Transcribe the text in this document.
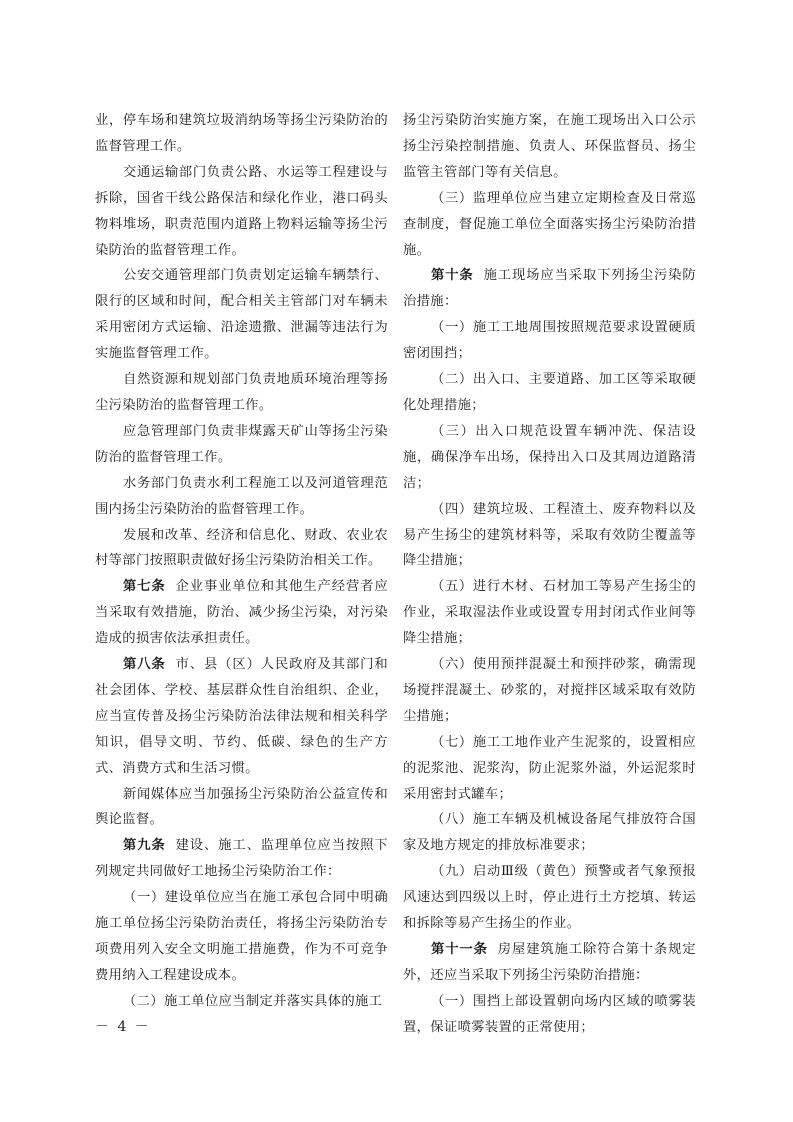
业，停车场和建筑垃圾消纳场等扬尘污染防治的监督管理工作。

交通运输部门负责公路、水运等工程建设与拆除，国省干线公路保洁和绿化作业，港口码头物料堆场，职责范围内道路上物料运输等扬尘污染防治的监督管理工作。

公安交通管理部门负责划定运输车辆禁行、限行的区域和时间，配合相关主管部门对车辆未采用密闭方式运输、沿途遗撒、泄漏等违法行为实施监督管理工作。

自然资源和规划部门负责地质环境治理等扬尘污染防治的监督管理工作。

应急管理部门负责非煤露天矿山等扬尘污染防治的监督管理工作。

水务部门负责水利工程施工以及河道管理范围内扬尘污染防治的监督管理工作。

发展和改革、经济和信息化、财政、农业农村等部门按照职责做好扬尘污染防治相关工作。

第七条 企业事业单位和其他生产经营者应当采取有效措施，防治、减少扬尘污染，对污染造成的损害依法承担责任。

第八条 市、县（区）人民政府及其部门和社会团体、学校、基层群众性自治组织、企业，应当宣传普及扬尘污染防治法律法规和相关科学知识，倡导文明、节约、低碳、绿色的生产方式、消费方式和生活习惯。

新闻媒体应当加强扬尘污染防治公益宣传和舆论监督。

第九条 建设、施工、监理单位应当按照下列规定共同做好工地扬尘污染防治工作：

（一）建设单位应当在施工承包合同中明确施工单位扬尘污染防治责任，将扬尘污染防治专项费用列入安全文明施工措施费，作为不可竞争费用纳入工程建设成本。

（二）施工单位应当制定并落实具体的施工

扬尘污染防治实施方案，在施工现场出入口公示扬尘污染控制措施、负责人、环保监督员、扬尘监管主管部门等有关信息。

（三）监理单位应当建立定期检查及日常巡查制度，督促施工单位全面落实扬尘污染防治措施。

第十条 施工现场应当采取下列扬尘污染防治措施：

（一）施工工地周围按照规范要求设置硬质密闭围挡；

（二）出入口、主要道路、加工区等采取硬化处理措施；

（三）出入口规范设置车辆冲洗、保洁设施，确保净车出场，保持出入口及其周边道路清洁；

（四）建筑垃圾、工程渣土、废弃物料以及易产生扬尘的建筑材料等，采取有效防尘覆盖等降尘措施；

（五）进行木材、石材加工等易产生扬尘的作业，采取湿法作业或设置专用封闭式作业间等降尘措施；

（六）使用预拌混凝土和预拌砂浆，确需现场搅拌混凝土、砂浆的，对搅拌区域采取有效防尘措施；

（七）施工工地作业产生泥浆的，设置相应的泥浆池、泥浆沟，防止泥浆外溢，外运泥浆时采用密封式罐车；

（八）施工车辆及机械设备尾气排放符合国家及地方规定的排放标准要求；

（九）启动Ⅲ级（黄色）预警或者气象预报风速达到四级以上时，停止进行土方挖填、转运和拆除等易产生扬尘的作业。

第十一条 房屋建筑施工除符合第十条规定外，还应当采取下列扬尘污染防治措施：

（一）围挡上部设置朝向场内区域的喷雾装置，保证喷雾装置的正常使用；

－ 4 －
